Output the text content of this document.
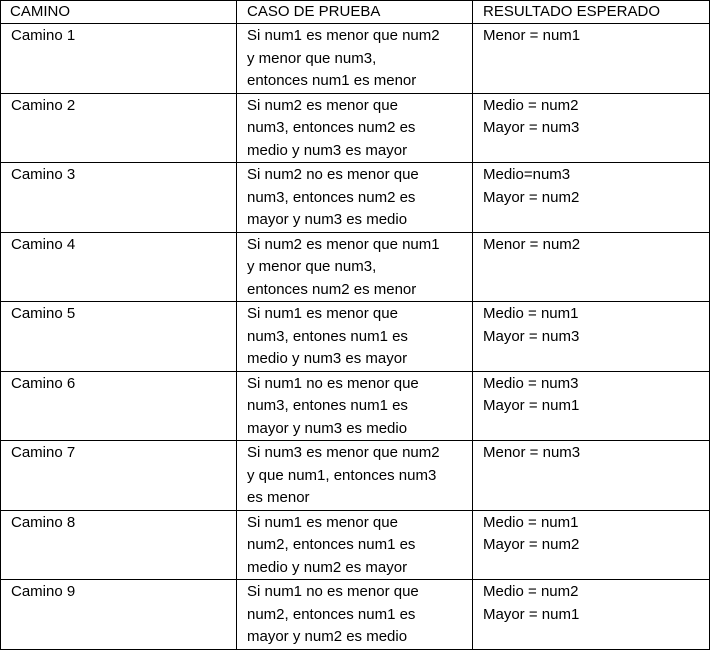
CAMINO	CASO DE PRUEBA	RESULTADO ESPERADO

Camino 1	Si num1 es menor que num2
y menor que num3,
entonces num1 es menor	Menor = num1

Camino 2	Si num2 es menor que
num3, entonces num2 es
medio y num3 es mayor	Medio = num2
Mayor = num3

Camino 3	Si num2 no es menor que
num3, entonces num2 es
mayor y num3 es medio	Medio=num3
Mayor = num2

Camino 4	Si num2 es menor que num1
y menor que num3,
entonces num2 es menor	Menor = num2

Camino 5	Si num1 es menor que
num3, entones num1 es
medio y num3 es mayor	Medio = num1
Mayor = num3

Camino 6	Si num1 no es menor que
num3, entones num1 es
mayor y num3 es medio	Medio = num3
Mayor = num1

Camino 7	Si num3 es menor que num2
y que num1, entonces num3
es menor	Menor = num3

Camino 8	Si num1 es menor que
num2, entonces num1 es
medio y num2 es mayor	Medio = num1
Mayor = num2

Camino 9	Si num1 no es menor que
num2, entonces num1 es
mayor y num2 es medio	Medio = num2
Mayor = num1
